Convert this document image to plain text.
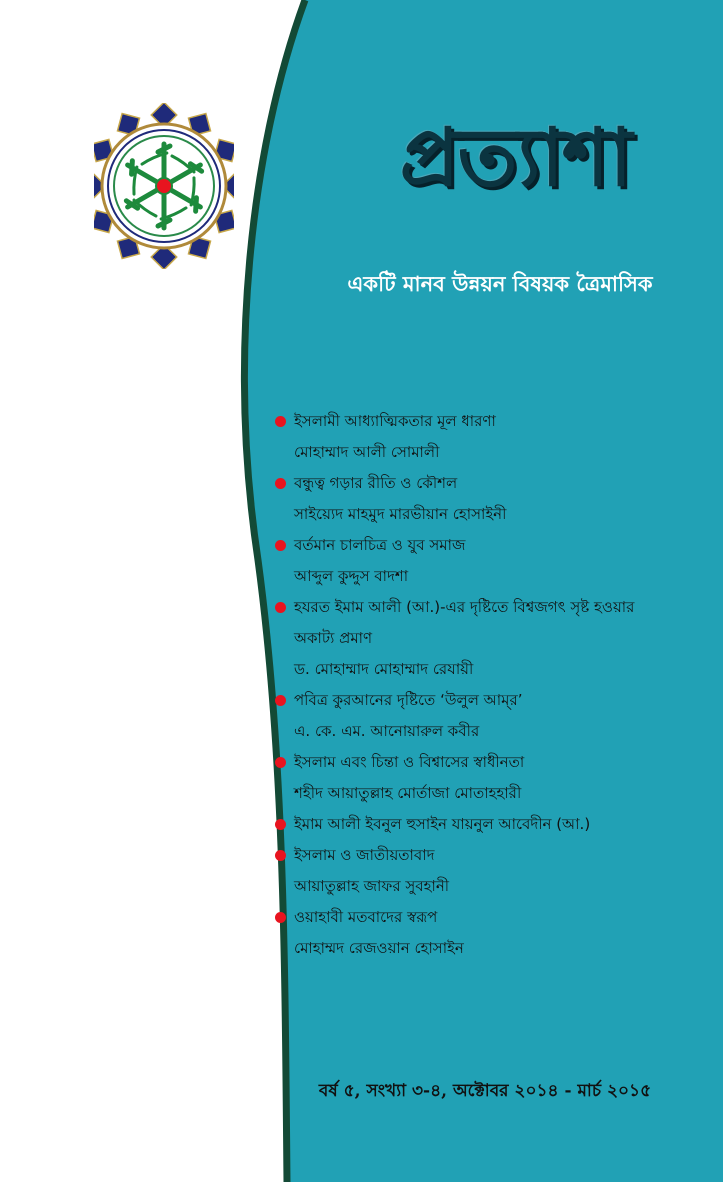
প্রত্যাশা
একটি মানব উন্নয়ন বিষয়ক ত্রৈমাসিক
ইসলামী আধ্যাত্মিকতার মূল ধারণা
মোহাম্মাদ আলী সোমালী
বন্ধুত্ব গড়ার রীতি ও কৌশল
সাইয়্যেদ মাহমুদ মারভীয়ান হোসাইনী
বর্তমান চালচিত্র ও যুব সমাজ
আব্দুল কুদ্দুস বাদশা
হযরত ইমাম আলী (আ.)-এর দৃষ্টিতে বিশ্বজগৎ সৃষ্ট হওয়ার
অকাট্য প্রমাণ
ড. মোহাম্মাদ মোহাম্মাদ রেযায়ী
পবিত্র কুরআনের দৃষ্টিতে ‘উলুল আম্‌র’
এ. কে. এম. আনোয়ারুল কবীর
ইসলাম এবং চিন্তা ও বিশ্বাসের স্বাধীনতা
শহীদ আয়াতুল্লাহ মোর্তাজা মোতাহহারী
ইমাম আলী ইবনুল হুসাইন যায়নুল আবেদীন (আ.)
ইসলাম ও জাতীয়তাবাদ
আয়াতুল্লাহ জাফর সুবহানী
ওয়াহাবী মতবাদের স্বরূপ
মোহাম্মদ রেজওয়ান হোসাইন
বর্ষ ৫, সংখ্যা ৩-৪, অক্টোবর ২০১৪ - মার্চ ২০১৫
